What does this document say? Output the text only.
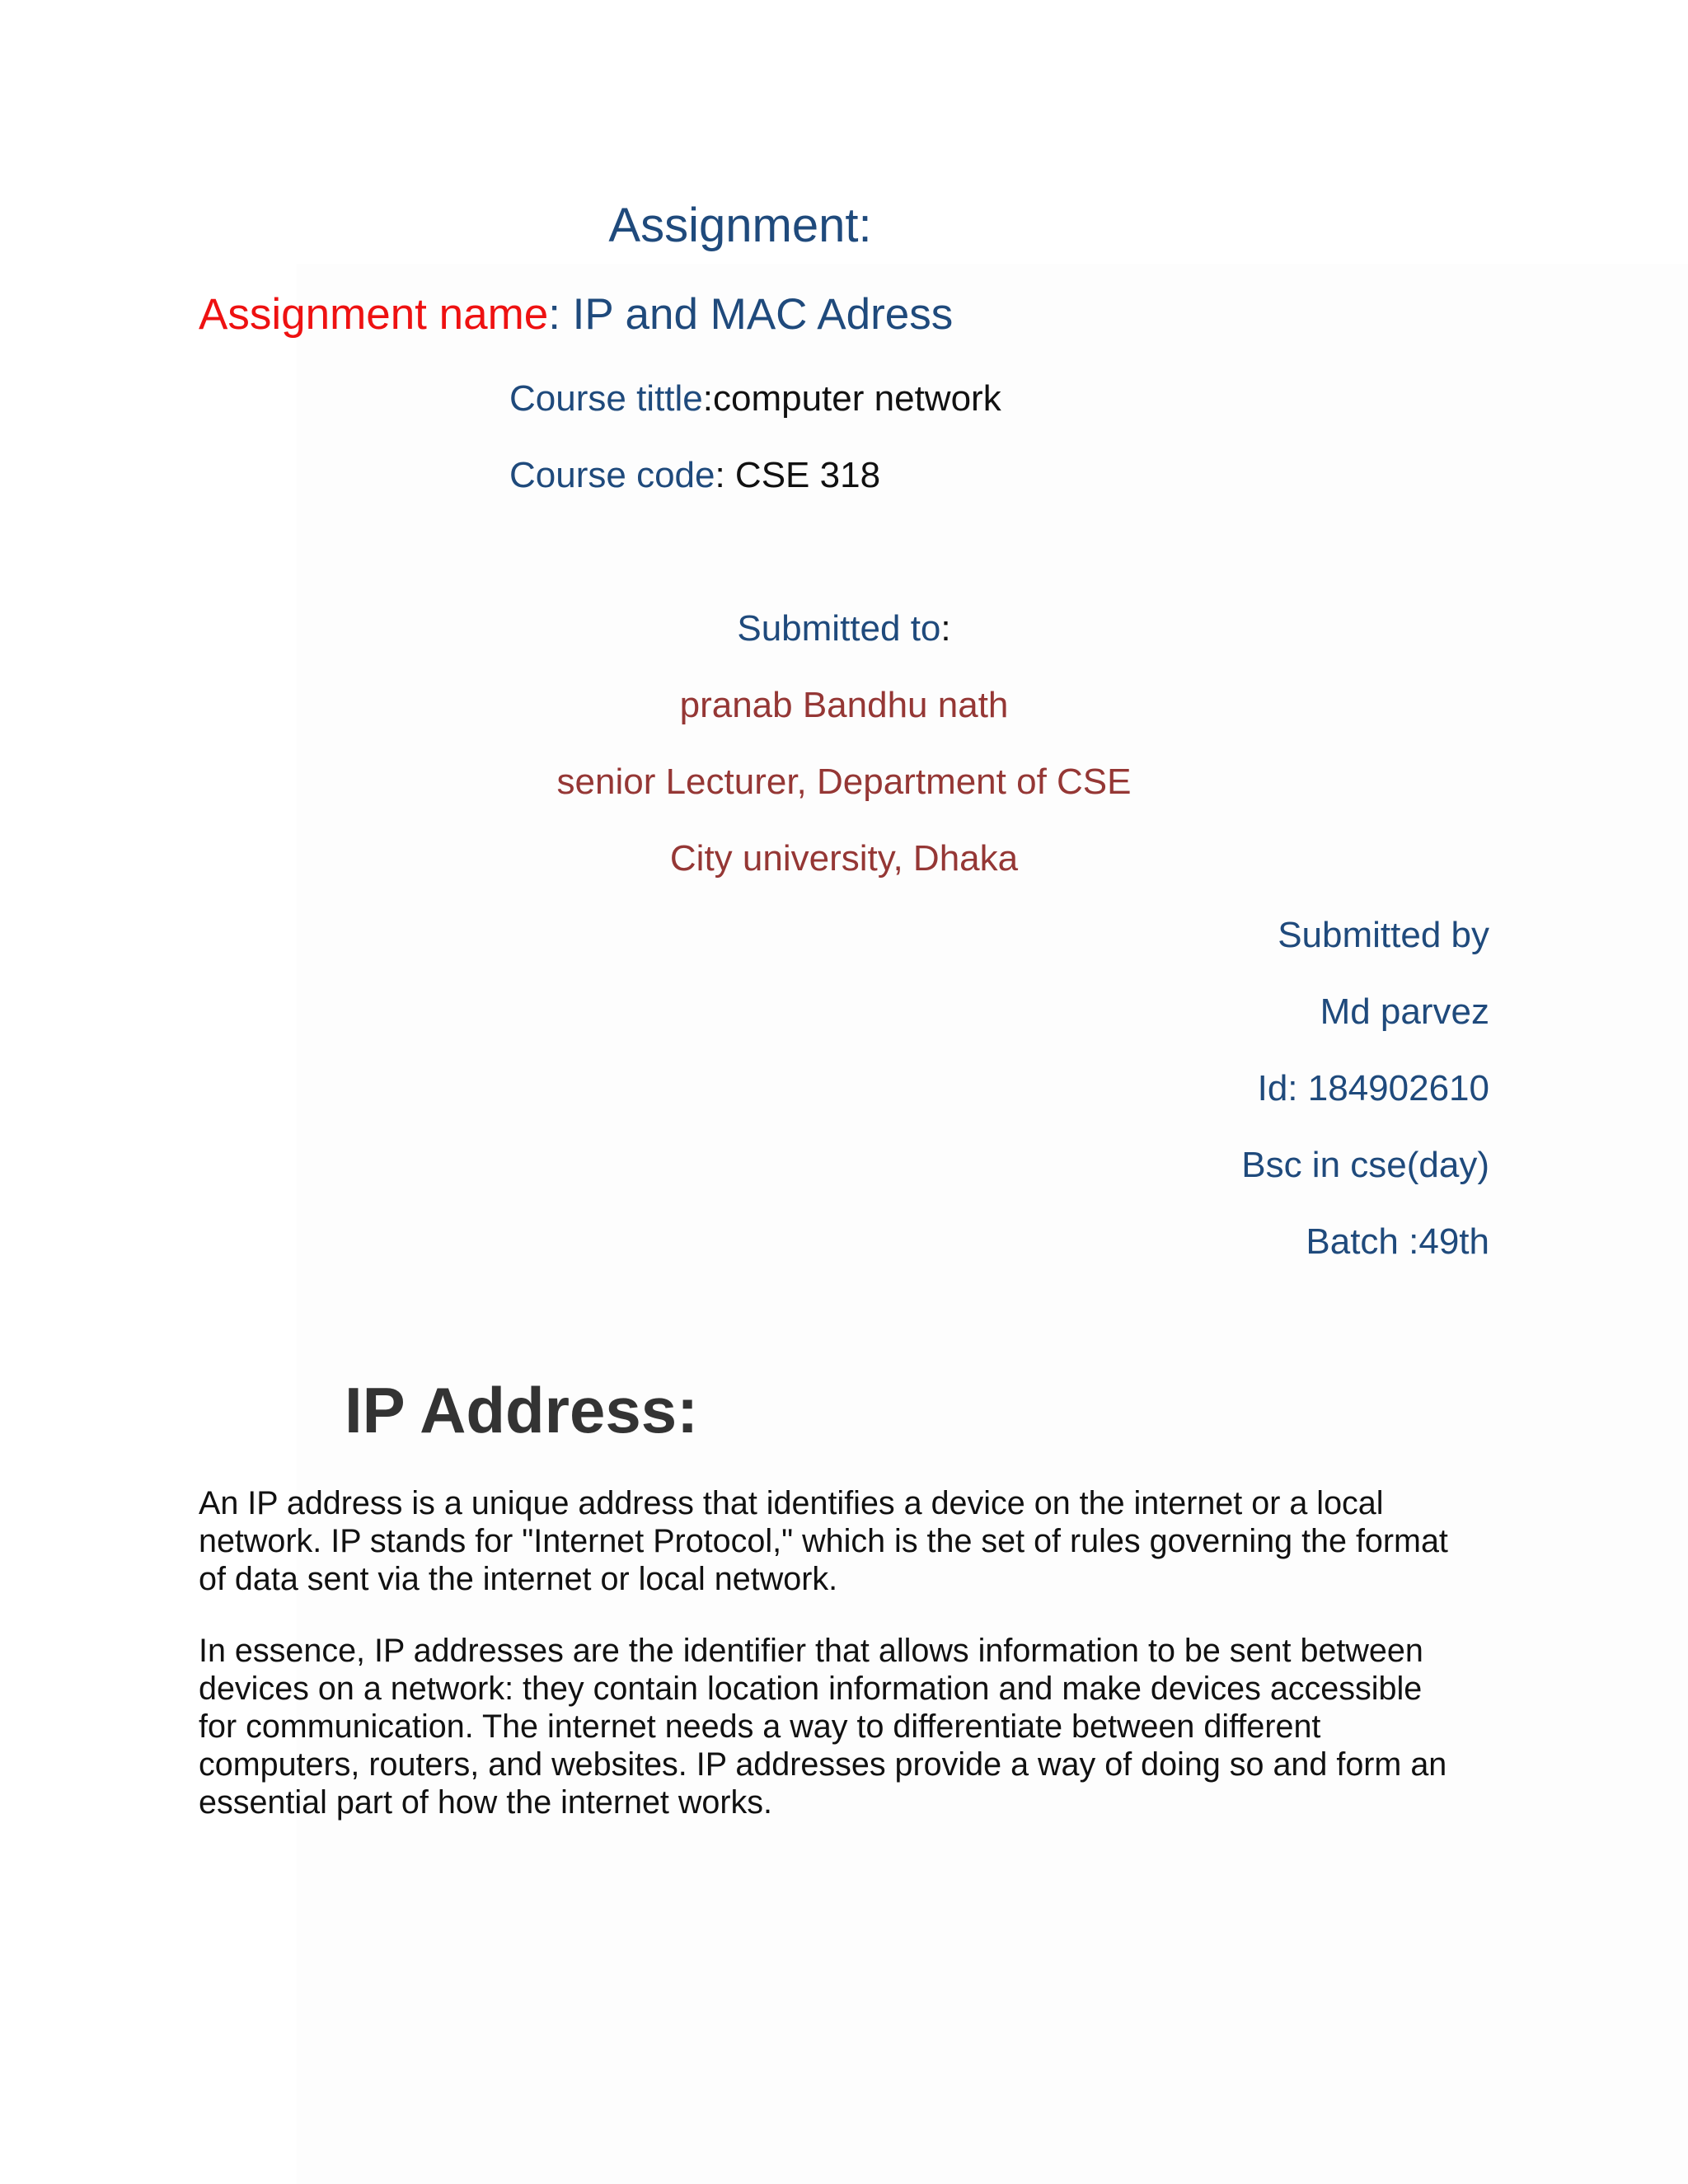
Assignment:
Assignment name: IP and MAC Adress
Course tittle:computer network
Course code: CSE 318
Submitted to:
pranab Bandhu nath
senior Lecturer, Department of CSE
City university, Dhaka
Submitted by
Md parvez
Id: 184902610
Bsc in cse(day)
Batch :49th
IP Address:

An IP address is a unique address that identifies a device on the internet or a local
network. IP stands for "Internet Protocol," which is the set of rules governing the format
of data sent via the internet or local network.

In essence, IP addresses are the identifier that allows information to be sent between
devices on a network: they contain location information and make devices accessible
for communication. The internet needs a way to differentiate between different
computers, routers, and websites. IP addresses provide a way of doing so and form an
essential part of how the internet works.
